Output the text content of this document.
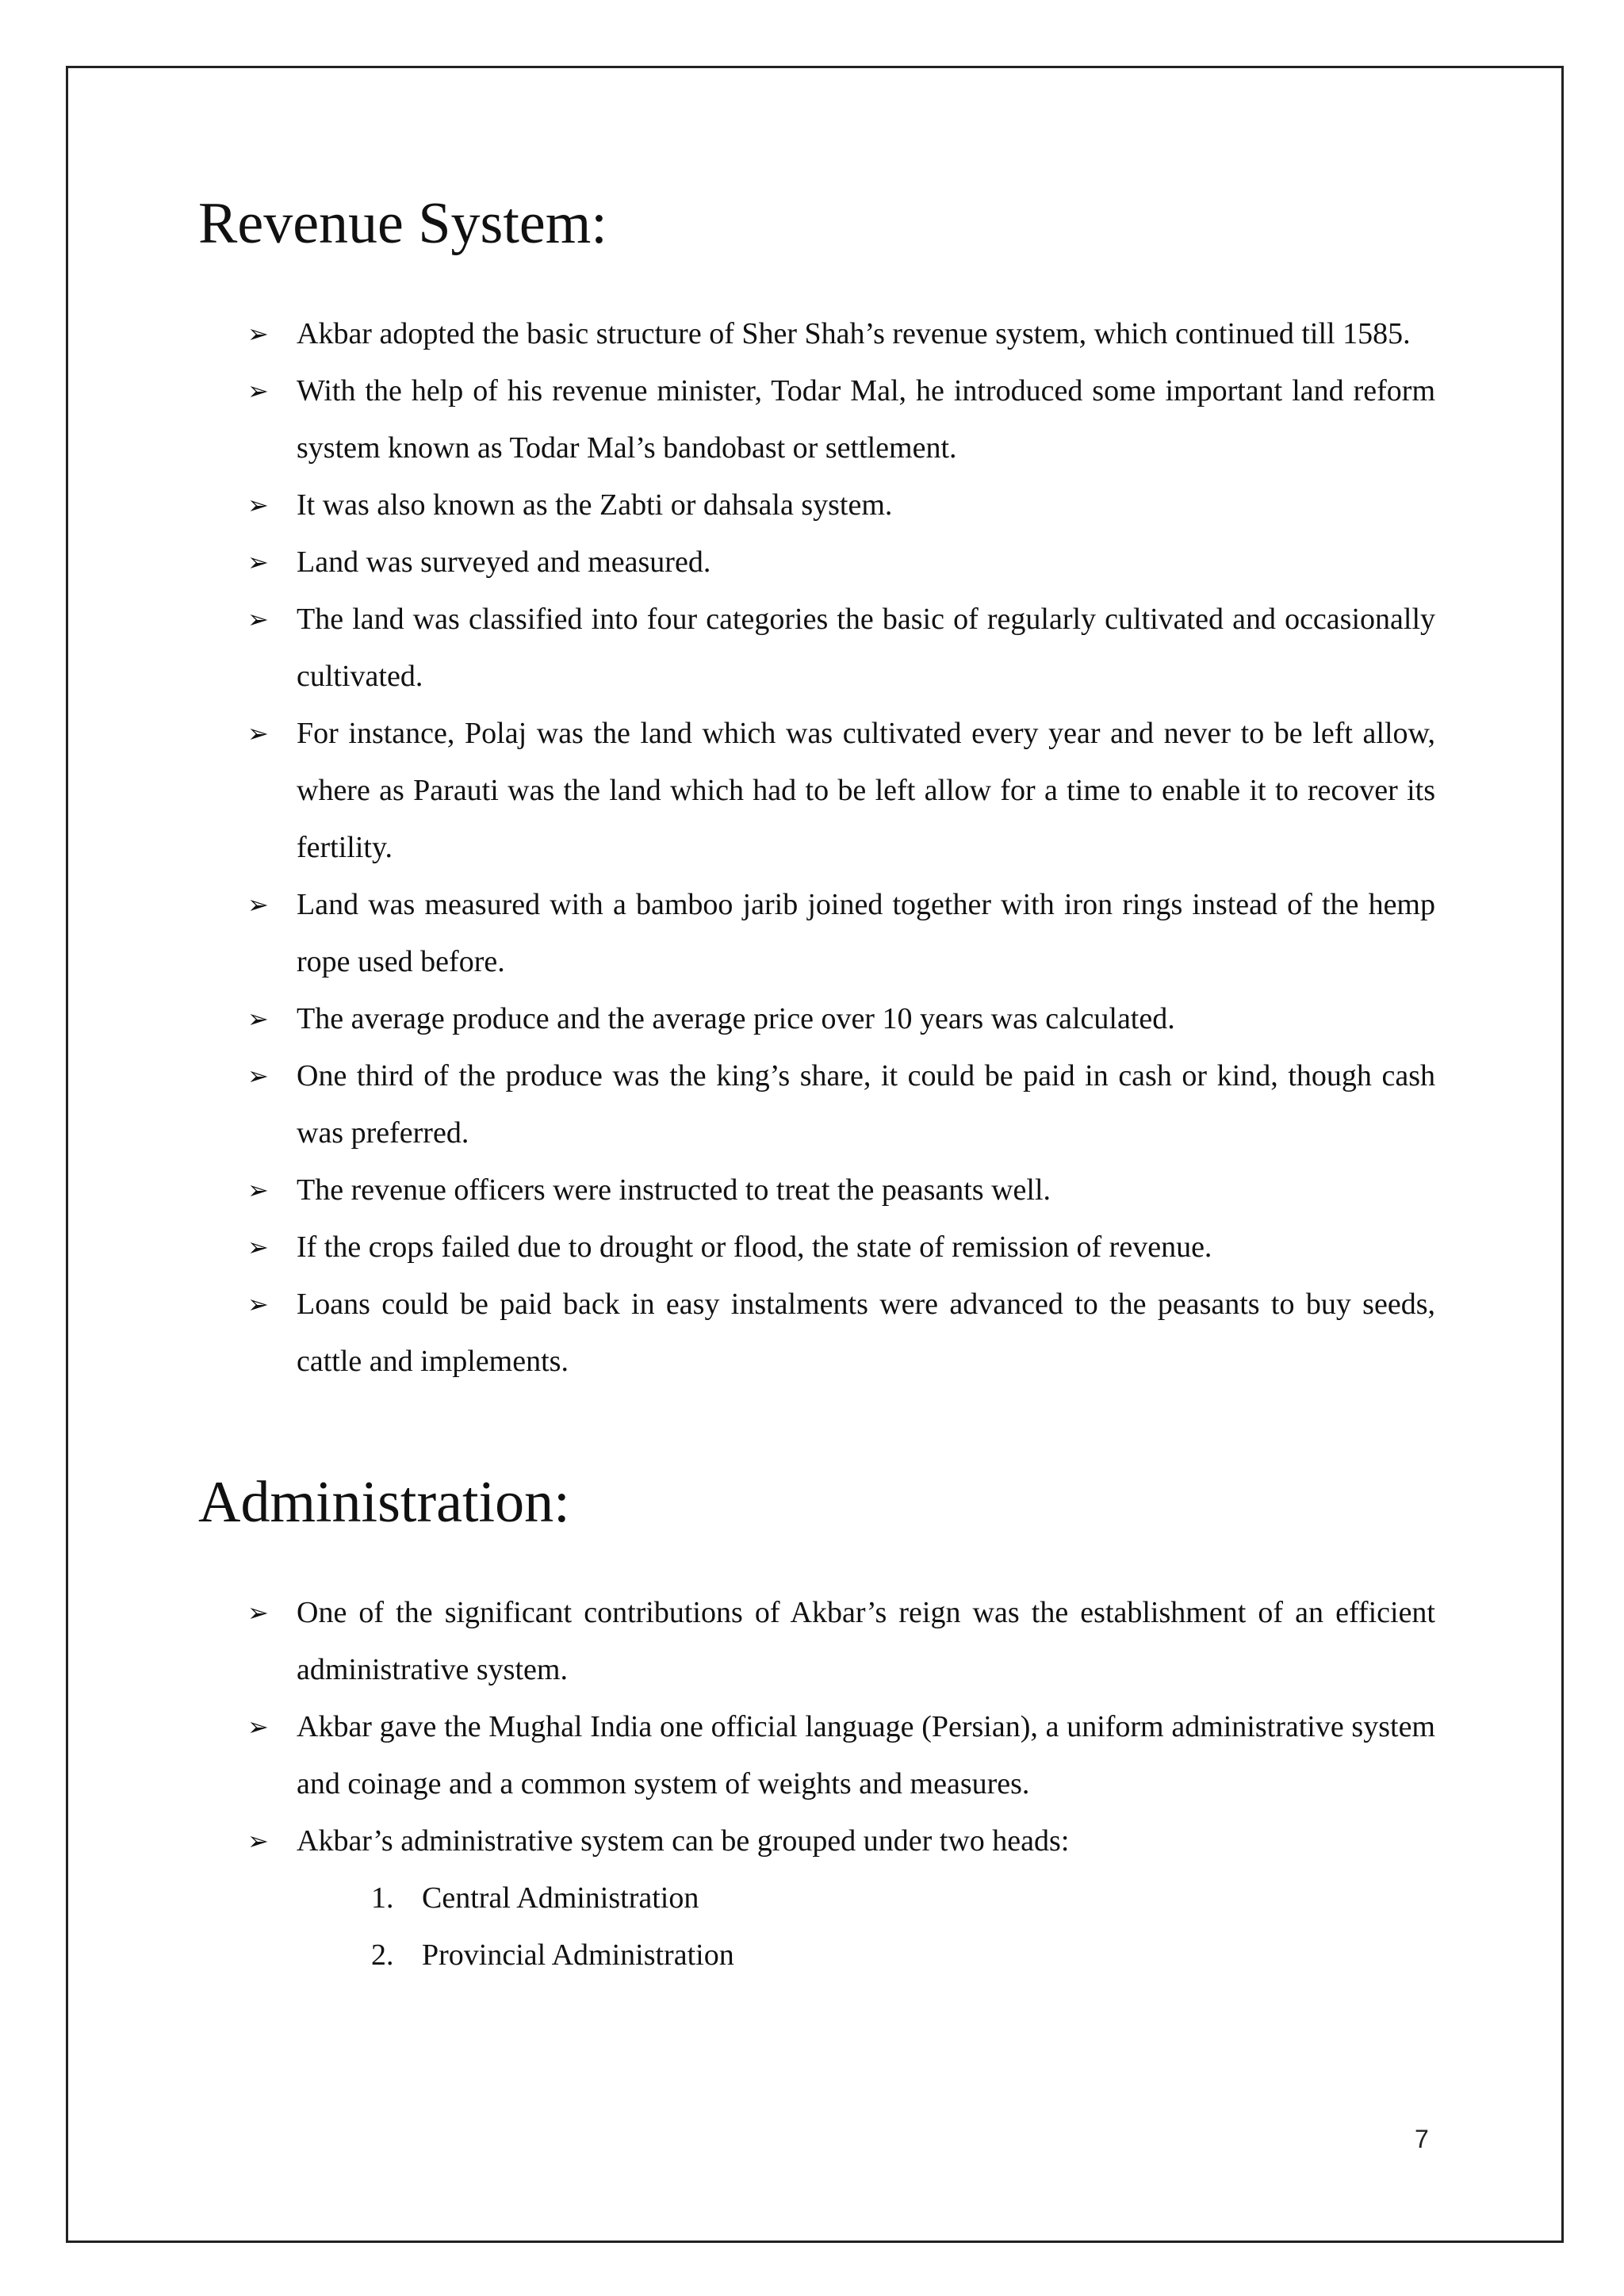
Revenue System:
➢ Akbar adopted the basic structure of Sher Shah’s revenue system, which continued till 1585.
➢ With the help of his revenue minister, Todar Mal, he introduced some important land reform system known as Todar Mal’s bandobast or settlement.
➢ It was also known as the Zabti or dahsala system.
➢ Land was surveyed and measured.
➢ The land was classified into four categories the basic of regularly cultivated and occasionally cultivated.
➢ For instance, Polaj was the land which was cultivated every year and never to be left allow, where as Parauti was the land which had to be left allow for a time to enable it to recover its fertility.
➢ Land was measured with a bamboo jarib joined together with iron rings instead of the hemp rope used before.
➢ The average produce and the average price over 10 years was calculated.
➢ One third of the produce was the king’s share, it could be paid in cash or kind, though cash was preferred.
➢ The revenue officers were instructed to treat the peasants well.
➢ If the crops failed due to drought or flood, the state of remission of revenue.
➢ Loans could be paid back in easy instalments were advanced to the peasants to buy seeds, cattle and implements.
Administration:
➢ One of the significant contributions of Akbar’s reign was the establishment of an efficient administrative system.
➢ Akbar gave the Mughal India one official language (Persian), a uniform administrative system and coinage and a common system of weights and measures.
➢ Akbar’s administrative system can be grouped under two heads:
1. Central Administration
2. Provincial Administration
7
